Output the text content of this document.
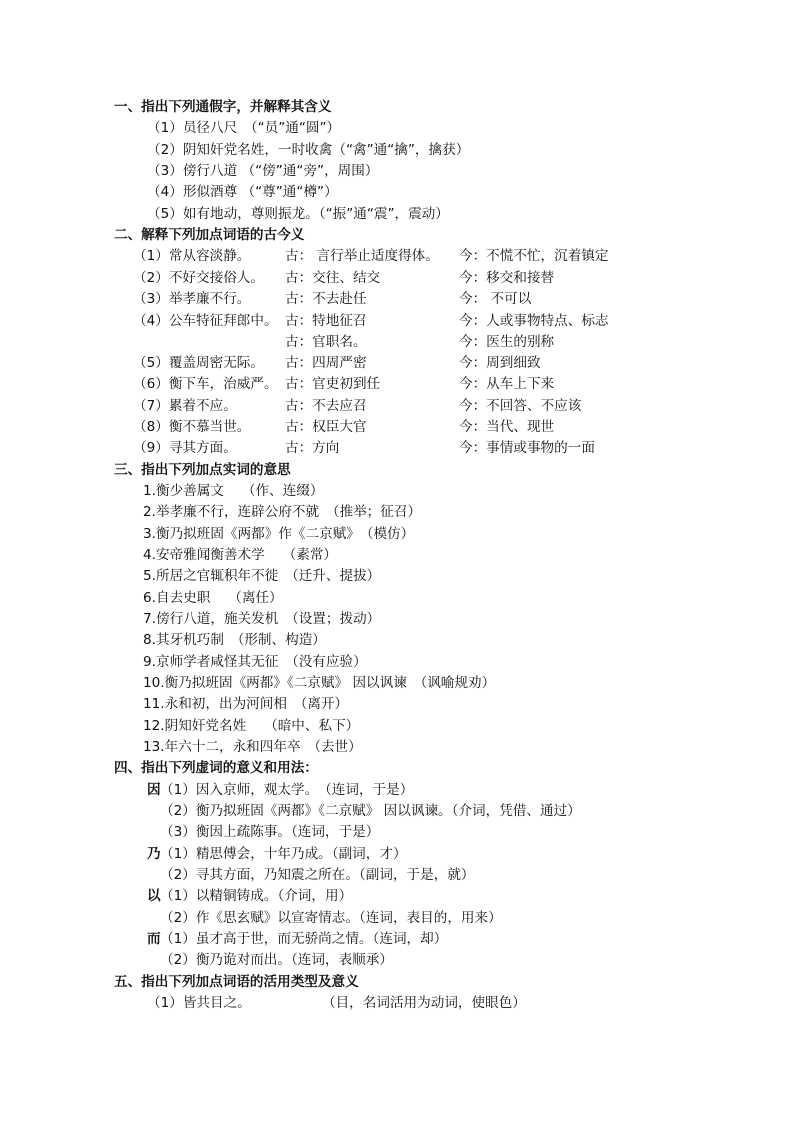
一、指出下列通假字，并解释其含义
（1）员径八尺　（“员”通“圆”）
（2）阴知奸党名姓，一时收禽（“禽”通“擒”，擒获）
（3）傍行八道 （“傍”通“旁”，周围）
（4）形似酒尊 （“尊”通“樽”）
（5）如有地动，尊则振龙。（“振”通“震”，震动）
二、解释下列加点词语的古今义
（1）常从容淡静。	古： 言行举止适度得体。 今：不慌不忙，沉着镇定
（2）不好交接俗人。 古：交往、结交	今：移交和接替
（3）举孝廉不行。	古：不去赴任	今： 不可以
（4）公车特征拜郎中。 古：特地征召	今：人或事物特点、标志
古：官职名。	今：医生的别称
（5）覆盖周密无际。 古：四周严密	今：周到细致
（6）衡下车，治威严。 古：官吏初到任	今：从车上下来
（7）累着不应。	古：不去应召	今：不回答、不应该
（8）衡不慕当世。	古：权臣大官	今：当代、现世
（9）寻其方面。	古：方向	今：事情或事物的一面
三、指出下列加点实词的意思
1.衡少善属文　 （作、连缀）
2.举孝廉不行，连辟公府不就　（推举；征召）
3.衡乃拟班固《两都》作《二京赋》　（模仿）
4.安帝雅闻衡善术学　 （素常）
5.所居之官辄积年不徙　（迁升、提拔）
6.自去史职　 （离任）
7.傍行八道，施关发机　（设置；拨动）
8.其牙机巧制　（形制、构造）
9.京师学者咸怪其无征　（没有应验）
10.衡乃拟班固《两都》《二京赋》 因以讽谏　（讽喻规劝）
11.永和初，出为河间相　（离开）
12.阴知奸党名姓　 （暗中、私下）
13.年六十二，永和四年卒　（去世）
四、指出下列虚词的意义和用法：
因 （1）因入京师，观太学。　（连词，于是）
（2）衡乃拟班固《两都》《二京赋》 因以讽谏。（介词，凭借、通过）
（3）衡因上疏陈事。（连词，于是）
乃 （1）精思傅会，十年乃成。（副词，才）
（2）寻其方面，乃知震之所在。（副词，于是，就）
以 （1）以精铜铸成。（介词，用）
（2）作《思玄赋》以宣寄情志。（连词，表目的，用来）
而 （1）虽才高于世，而无骄尚之情。（连词，却）
（2）衡乃诡对而出。（连词，表顺承）
五、指出下列加点词语的活用类型及意义
（1）皆共目之。	（目，名词活用为动词，使眼色）
